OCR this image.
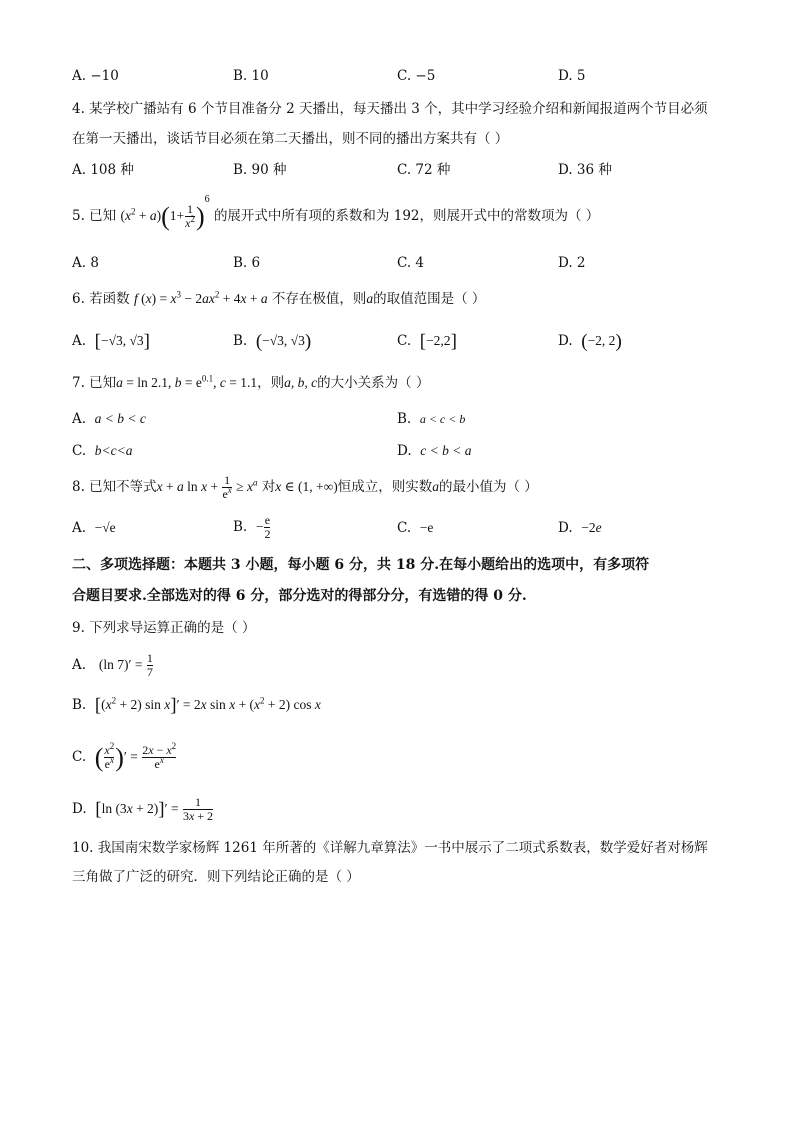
A. −10	B. 10	C. −5	D. 5
4. 某学校广播站有 6 个节目准备分 2 天播出，每天播出 3 个，其中学习经验介绍和新闻报道两个节目必须
在第一天播出，谈话节目必须在第二天播出，则不同的播出方案共有（ ）
A. 108 种	B. 90 种	C. 72 种	D. 36 种
5. 已知 $(x^2 + a)(1+ \frac{1}{x^2} )^6$ 的展开式中所有项的系数和为 192，则展开式中的常数项为（ ）
A. 8	B. 6	C. 4	D. 2
6. 若函数 f $(x) = x^3 - 2ax^2 + 4x + a$ 不存在极值，则a的取值范围是（ ）
A. [−√3, √3]	B. (−√3, √3)	C. [−2,2]	D. (−2, 2)
7. 已知a = ln 2.1, $b = e^{0.1}$, c = 1.1，则a, b, c的大小关系为（ ）
A. a < b < c	B. a < c < b
C. b<c<a	D. c < b < a
8. 已知不等式x + a $\ln x + \frac{1}{e^x} \ge x^a$ 对x ∈ (1, +∞)恒成立，则实数a的最小值为（ ）
A. −√e	B. − $\frac{e}{2}$	C. −e	D. −2e
二、多项选择题：本题共 3 小题，每小题 6 分，共 18 分.在每小题给出的选项中，有多项符
合题目要求.全部选对的得 6 分，部分选对的得部分分，有选错的得 0 分.
9. 下列求导运算正确的是（ ）
A. (ln $7)' = \frac{1}{7}$
B. [$(x^2 + 2)$ sin x]′ = 2x $\sin x + (x^2 + 2)$ cos x
C. ( $\frac{x^2}{e^x}$ )′ = $\frac{2x - x^2}{e^x}$
D. [ln $(3x + 2)]' = \frac{1}{3x + 2}$
10. 我国南宋数学家杨辉 1261 年所著的《详解九章算法》一书中展示了二项式系数表，数学爱好者对杨辉
三角做了广泛的研究．则下列结论正确的是（ ）
